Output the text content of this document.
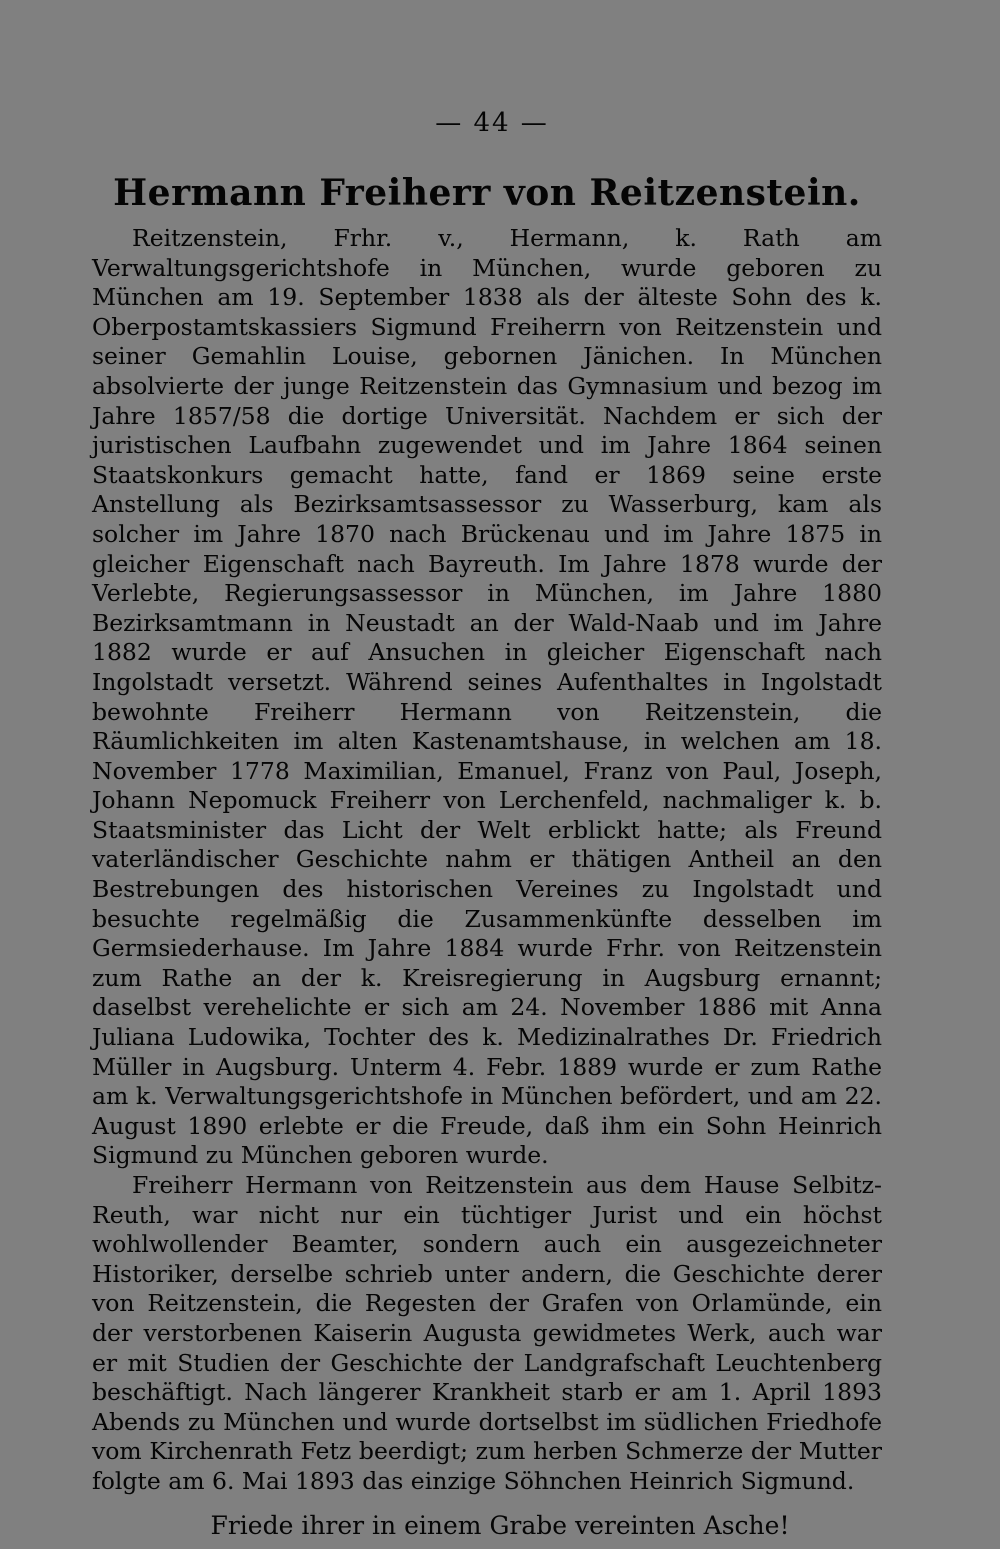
— 44 —
Hermann Freiherr von Reitzenstein.

Reitzenstein, Frhr. v., Hermann, k. Rath am Verwaltungsgerichtshofe in München, wurde geboren zu München am 19. September 1838 als der älteste Sohn des k. Oberpostamtskassiers Sigmund Freiherrn von Reitzenstein und seiner Gemahlin Louise, gebornen Jänichen. In München absolvierte der junge Reitzenstein das Gymnasium und bezog im Jahre 1857/58 die dortige Universität. Nachdem er sich der juristischen Laufbahn zugewendet und im Jahre 1864 seinen Staatskonkurs gemacht hatte, fand er 1869 seine erste Anstellung als Bezirksamtsassessor zu Wasserburg, kam als solcher im Jahre 1870 nach Brückenau und im Jahre 1875 in gleicher Eigenschaft nach Bayreuth. Im Jahre 1878 wurde der Verlebte, Regierungsassessor in München, im Jahre 1880 Bezirksamtmann in Neustadt an der Wald-Naab und im Jahre 1882 wurde er auf Ansuchen in gleicher Eigenschaft nach Ingolstadt versetzt. Während seines Aufenthaltes in Ingolstadt bewohnte Freiherr Hermann von Reitzenstein, die Räumlichkeiten im alten Kastenamtshause, in welchen am 18. November 1778 Maximilian, Emanuel, Franz von Paul, Joseph, Johann Nepomuck Freiherr von Lerchenfeld, nachmaliger k. b. Staatsminister das Licht der Welt erblickt hatte; als Freund vaterländischer Geschichte nahm er thätigen Antheil an den Bestrebungen des historischen Vereines zu Ingolstadt und besuchte regelmäßig die Zusammenkünfte desselben im Germsiederhause. Im Jahre 1884 wurde Frhr. von Reitzenstein zum Rathe an der k. Kreisregierung in Augsburg ernannt; daselbst verehelichte er sich am 24. November 1886 mit Anna Juliana Ludowika, Tochter des k. Medizinalrathes Dr. Friedrich Müller in Augsburg. Unterm 4. Febr. 1889 wurde er zum Rathe am k. Verwaltungsgerichtshofe in München befördert, und am 22. August 1890 erlebte er die Freude, daß ihm ein Sohn Heinrich Sigmund zu München geboren wurde.

Freiherr Hermann von Reitzenstein aus dem Hause Selbitz-Reuth, war nicht nur ein tüchtiger Jurist und ein höchst wohlwollender Beamter, sondern auch ein ausgezeichneter Historiker, derselbe schrieb unter andern, die Geschichte derer von Reitzenstein, die Regesten der Grafen von Orlamünde, ein der verstorbenen Kaiserin Augusta gewidmetes Werk, auch war er mit Studien der Geschichte der Landgrafschaft Leuchtenberg beschäftigt. Nach längerer Krankheit starb er am 1. April 1893 Abends zu München und wurde dortselbst im südlichen Friedhofe vom Kirchenrath Fetz beerdigt; zum herben Schmerze der Mutter folgte am 6. Mai 1893 das einzige Söhnchen Heinrich Sigmund.

Friede ihrer in einem Grabe vereinten Asche!
